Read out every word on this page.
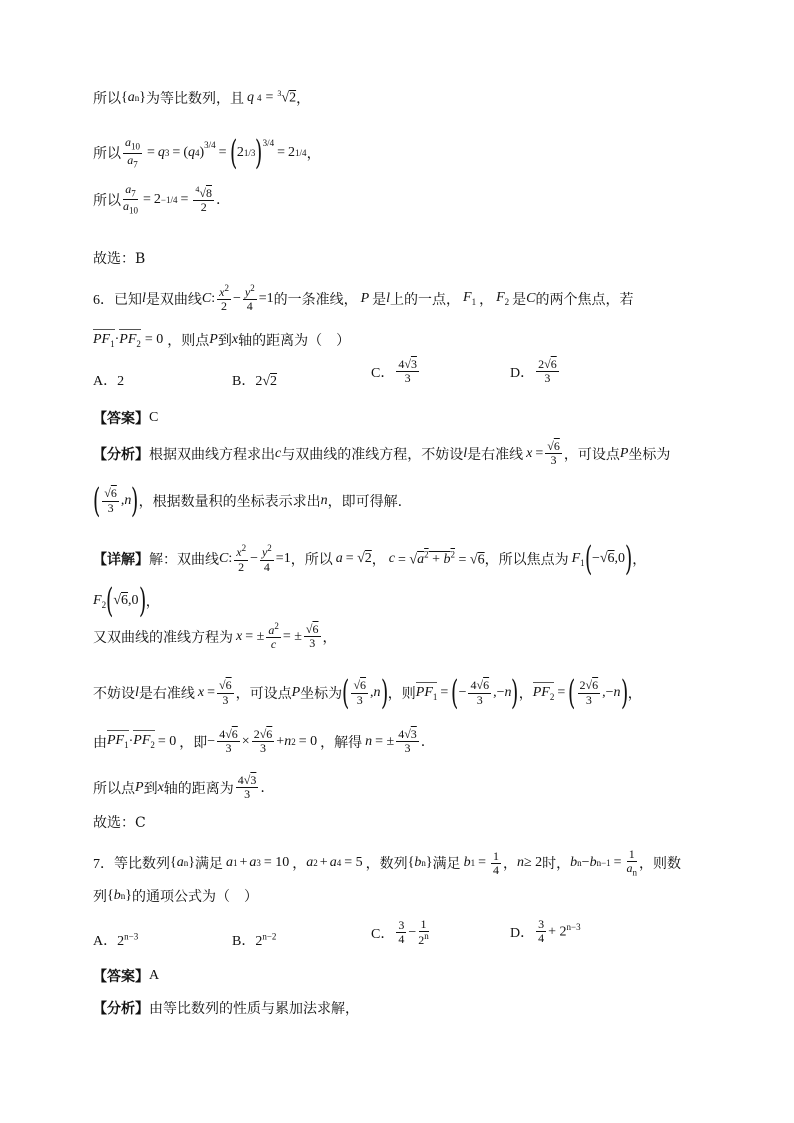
所以 { a n } 为等比数列，且 q 4 = $^3$√2 ，
所以 $\frac{a_{10}}{a_7} = q$ 3 = ( q 4 )$^{3/4}$ = ( 2 1/3 )$^{3/4}$
= 2 1/4 ，
所以 $\frac{a_7}{a_{10}} = 2 -1/4 = \frac{^4√8}{2}$ .
故选：B
6． 已知 l 是双曲线 C : $\frac{x^2}{2} - \frac{y^2}{4} =1$ 的一条准线， P 是 l 上的一点， $F_1$ ， $F_2$ 是 C 的两个焦点，若
$PF_1 \cdot PF_2 = 0$ ，则点 P 到 x 轴的距离为（　）
A．2	B．2√2
C． $\frac{4√3}{3}$	D． $\frac{2√6}{3}$
【答案】 C
【分析】 根据双曲线方程求出 c 与双曲线的准线方程，不妨设 l 是右准线 $x = \frac{√6}{3}$ ，可设点 P 坐标为
( $\frac{√6}{3}$ , n ) ，根据数量积的坐标表示求出 n ，即可得解.
【详解】 解：双曲线 C : $\frac{x^2}{2} - \frac{y^2}{4} =1$ ，所以 a = √2 ， $c = √a^2 + b^2 = √6$ ，所以焦点为 $F_1$ ( −√6,0 ) ，
$F_2$ ( √6,0 ) ，
又双曲线的准线方程为 x = ± $\frac{a^2}{c}$ = ± $\frac{√6}{3}$ ，
不妨设 l 是右准线 $x = \frac{√6}{3}$ ，可设点 P 坐标为 ( $\frac{√6}{3}$ , n ) ，则 $PF_1$ = ( − $\frac{4√6}{3}$ ,− n ) ， $PF_2$ = ( $\frac{2√6}{3}$ ,− n ) ，
由 $PF_1 \cdot PF_2 = 0$ ，即 − $\frac{4√6}{3} \times \frac{2√6}{3} + n$ 2 = 0 ，解得 n = ± $\frac{4√3}{3}$ .
所以点 P 到 x 轴的距离为 $\frac{4√3}{3}$ .
故选：C
7． 等比数列 { a n } 满足 a 1 + a 3 = 10 ， a 2 + a 4 = 5 ，数列 { b n } 满足 b $1 = \frac{1}{4}$ ， n ≥ 2 时， b n − b $n-1 = \frac{1}{a_n}$ ，则数
列 { b n } 的通项公式为（　）
A．$2^{n-3}$	B．$2^{n-2}$	C． $\frac{3}{4} - \frac{1}{2^n}$	D． $\frac{3}{4} + 2^{n-3}$
【答案】 A
【分析】 由等比数列的性质与累加法求解，
